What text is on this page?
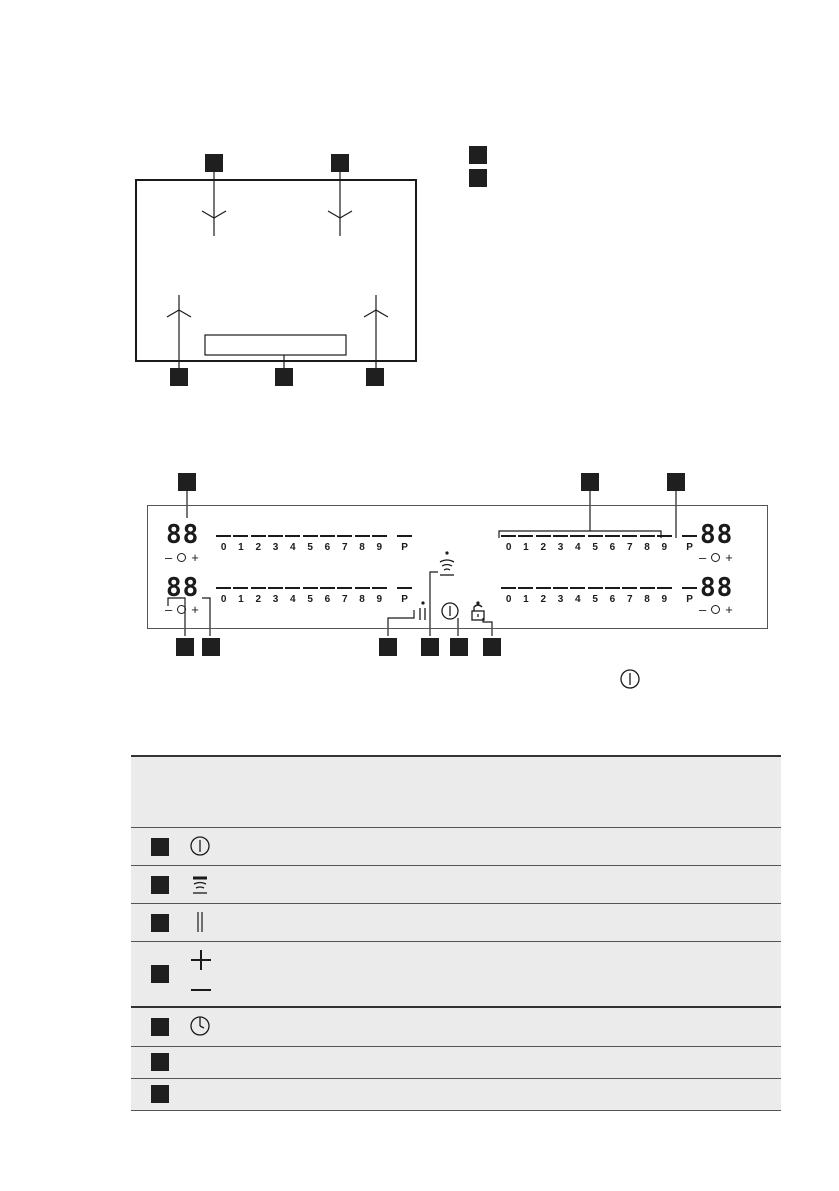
88
– +
88
– +
88
– +
88
– +
0 1 2 3 4 5 6 7 8 9 P
0 1 2 3 4 5 6 7 8 9 P
0 1 2 3 4 5 6 7 8 9 P
0 1 2 3 4 5 6 7 8 9 P
